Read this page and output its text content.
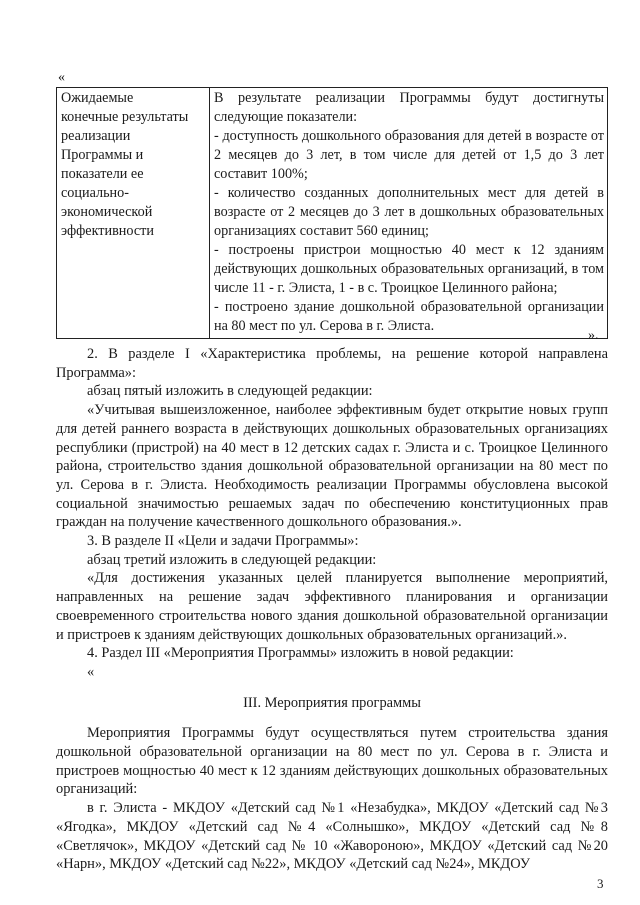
«
Ожидаемые
конечные результаты
реализации
Программы и
показатели ее
социально-
экономической
эффективности

В результате реализации Программы будут достигнуты следующие показатели:
- доступность дошкольного образования для детей в возрасте от 2 месяцев до 3 лет, в том числе для детей от 1,5 до 3 лет составит 100%;
- количество созданных дополнительных мест для детей в возрасте от 2 месяцев до 3 лет в дошкольных образовательных организациях составит 560 единиц;
- построены пристрои мощностью 40 мест к 12 зданиям действующих дошкольных образовательных организаций, в том числе 11 - г. Элиста, 1 - в с. Троицкое Целинного района;
- построено здание дошкольной образовательной организации на 80 мест по ул. Серова в г. Элиста.
».

2. В разделе I «Характеристика проблемы, на решение которой направлена Программа»:

абзац пятый изложить в следующей редакции:

«Учитывая вышеизложенное, наиболее эффективным будет открытие новых групп для детей раннего возраста в действующих дошкольных образовательных организациях республики (пристрой) на 40 мест в 12 детских садах г. Элиста и с. Троицкое Целинного района, строительство здания дошкольной образовательной организации на 80 мест по ул. Серова в г. Элиста. Необходимость реализации Программы обусловлена высокой социальной значимостью решаемых задач по обеспечению конституционных прав граждан на получение качественного дошкольного образования.».

3. В разделе II «Цели и задачи Программы»:

абзац третий изложить в следующей редакции:

«Для достижения указанных целей планируется выполнение мероприятий, направленных на решение задач эффективного планирования и организации своевременного строительства нового здания дошкольной образовательной организации и пристроев к зданиям действующих дошкольных образовательных организаций.».

4. Раздел III «Мероприятия Программы» изложить в новой редакции:

«

III. Мероприятия программы

Мероприятия Программы будут осуществляться путем строительства здания дошкольной образовательной организации на 80 мест по ул. Серова в г. Элиста и пристроев мощностью 40 мест к 12 зданиям действующих дошкольных образовательных организаций:

в г. Элиста - МКДОУ «Детский сад №1 «Незабудка», МКДОУ «Детский сад №3 «Ягодка», МКДОУ «Детский сад №4 «Солнышко», МКДОУ «Детский сад №8 «Светлячок», МКДОУ «Детский сад № 10 «Жавороною», МКДОУ «Детский сад №20 «Нарн», МКДОУ «Детский сад №22», МКДОУ «Детский сад №24», МКДОУ

3
